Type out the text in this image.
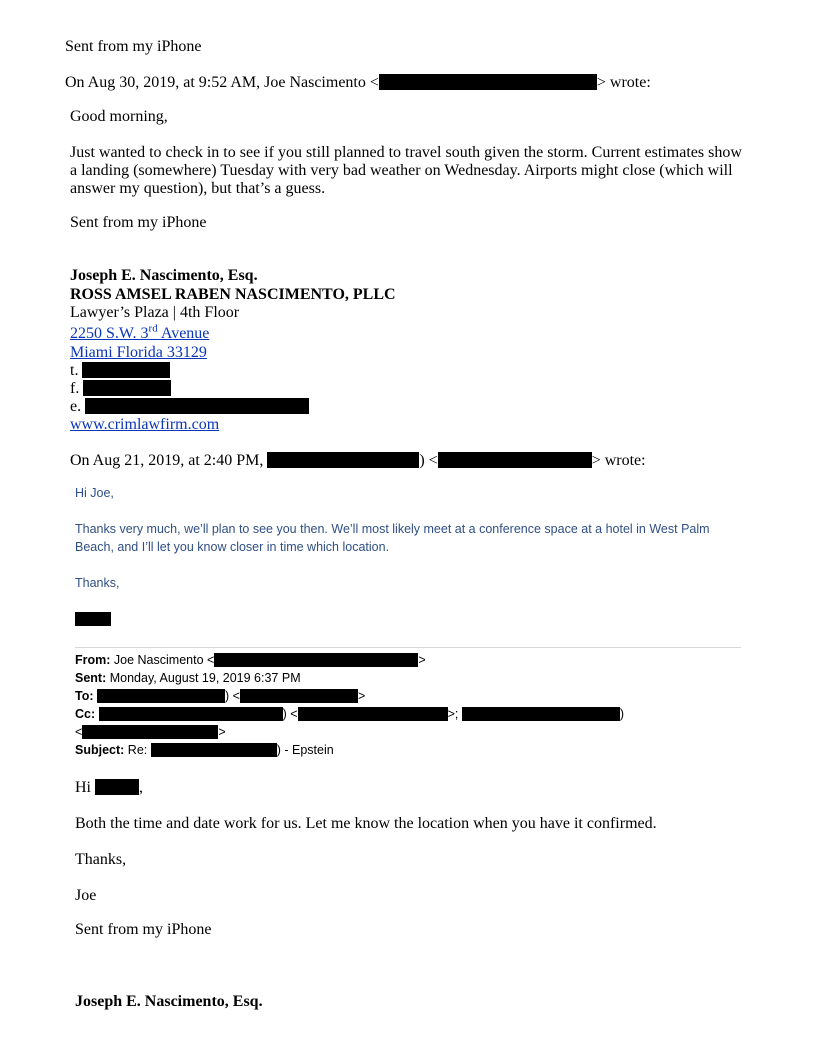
Sent from my iPhone
On Aug 30, 2019, at 9:52 AM, Joe Nascimento <	> wrote:
Good morning,
Just wanted to check in to see if you still planned to travel south given the storm. Current estimates show a landing (somewhere) Tuesday with very bad weather on Wednesday. Airports might close (which will answer my question), but that’s a guess.
Sent from my iPhone
Joseph E. Nascimento, Esq.
ROSS AMSEL RABEN NASCIMENTO, PLLC
Lawyer’s Plaza | 4th Floor
2250 S.W. 3rd Avenue
Miami Florida 33129
t.
f.
e.
www.crimlawfirm.com
On Aug 21, 2019, at 2:40 PM,	) <	> wrote:
Hi Joe,
Thanks very much, we’ll plan to see you then. We’ll most likely meet at a conference space at a hotel in West Palm Beach, and I’ll let you know closer in time which location.
Thanks,
From: Joe Nascimento <	>
Sent: Monday, August 19, 2019 6:37 PM
To:	) <	>
Cc:	) <	>;	)
<	>
Subject: Re:	) - Epstein
Hi	,
Both the time and date work for us. Let me know the location when you have it confirmed.
Thanks,
Joe
Sent from my iPhone
Joseph E. Nascimento, Esq.
